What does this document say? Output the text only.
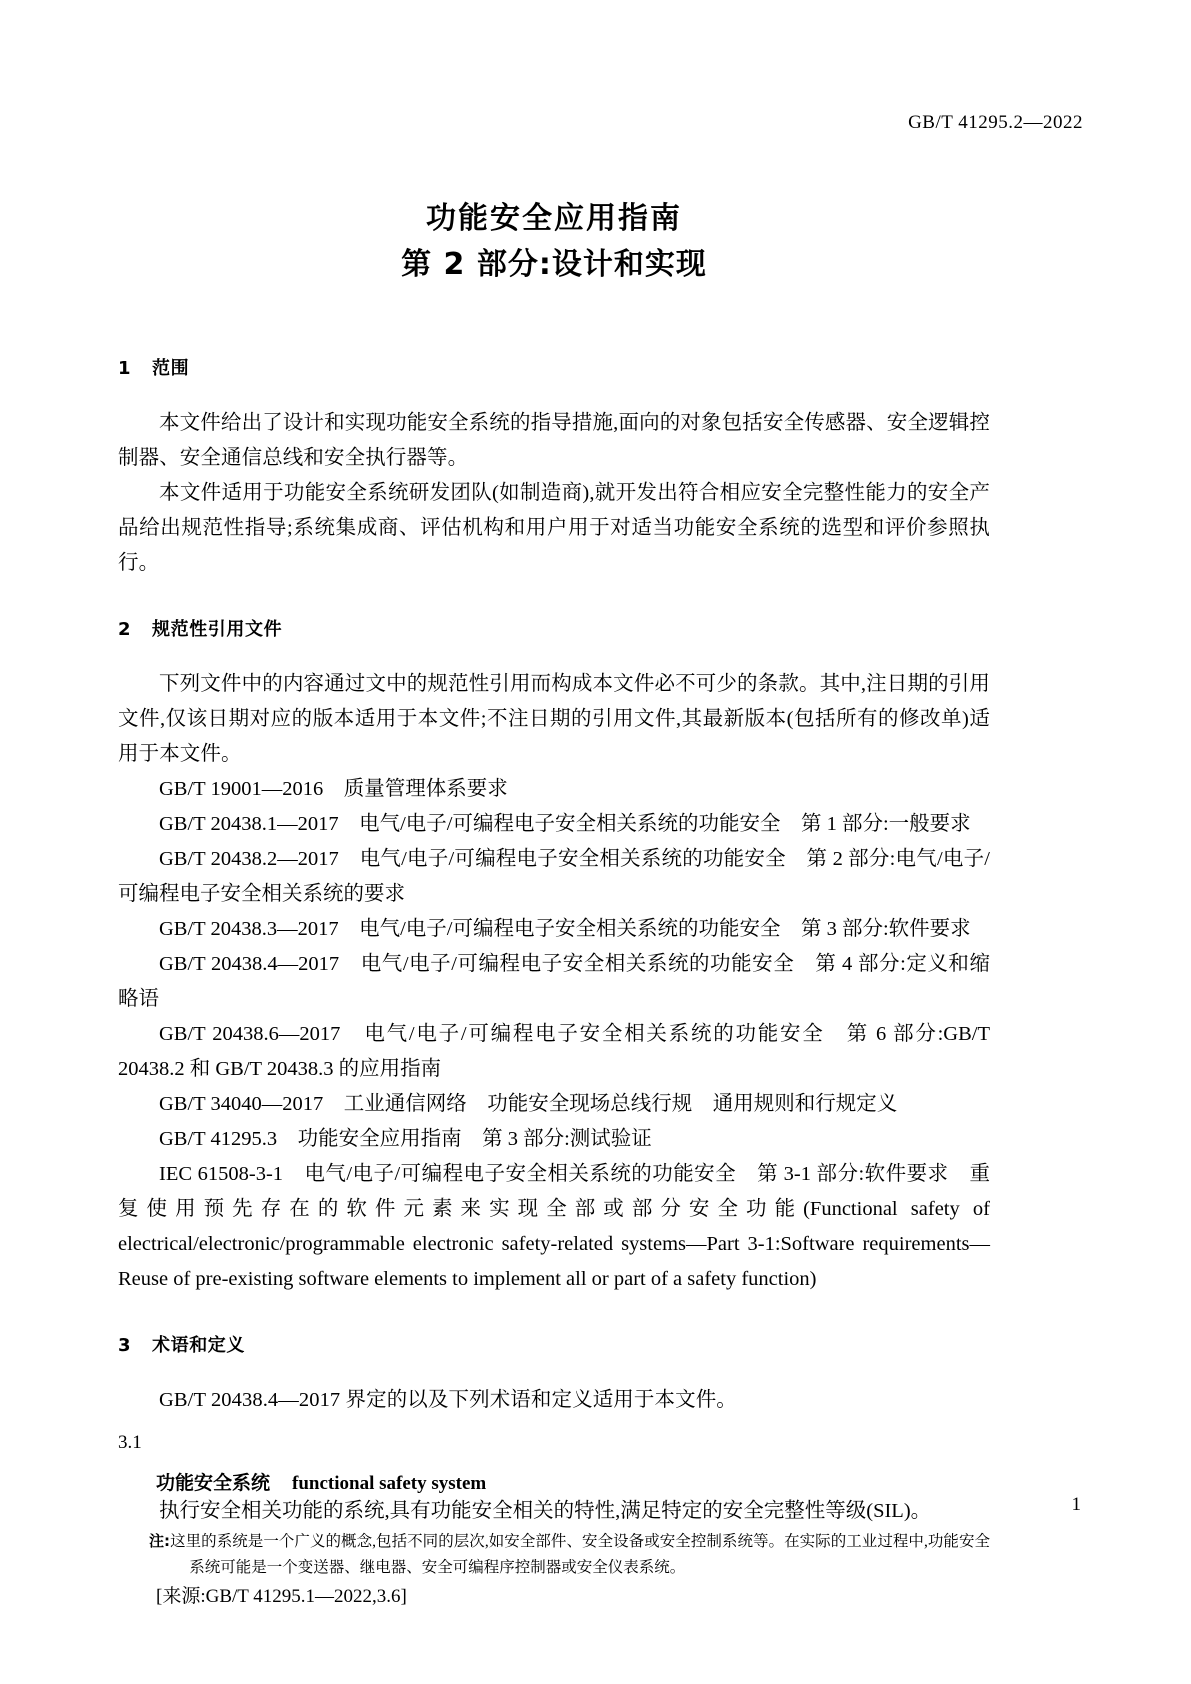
GB/T 41295.2—2022
功能安全应用指南
第 2 部分:设计和实现

1 范围

本文件给出了设计和实现功能安全系统的指导措施,面向的对象包括安全传感器、安全逻辑控制器、安全通信总线和安全执行器等。

本文件适用于功能安全系统研发团队(如制造商),就开发出符合相应安全完整性能力的安全产品给出规范性指导;系统集成商、评估机构和用户用于对适当功能安全系统的选型和评价参照执行。

2 规范性引用文件

下列文件中的内容通过文中的规范性引用而构成本文件必不可少的条款。其中,注日期的引用文件,仅该日期对应的版本适用于本文件;不注日期的引用文件,其最新版本(包括所有的修改单)适用于本文件。

GB/T 19001—2016　质量管理体系要求

GB/T 20438.1—2017　电气/电子/可编程电子安全相关系统的功能安全　第 1 部分:一般要求

GB/T 20438.2—2017　电气/电子/可编程电子安全相关系统的功能安全　第 2 部分:电气/电子/可编程电子安全相关系统的要求

GB/T 20438.3—2017　电气/电子/可编程电子安全相关系统的功能安全　第 3 部分:软件要求

GB/T 20438.4—2017　电气/电子/可编程电子安全相关系统的功能安全　第 4 部分:定义和缩略语

GB/T 20438.6—2017　电气/电子/可编程电子安全相关系统的功能安全　第 6 部分:GB/T 20438.2 和 GB/T 20438.3 的应用指南

GB/T 34040—2017　工业通信网络　功能安全现场总线行规　通用规则和行规定义

GB/T 41295.3　功能安全应用指南　第 3 部分:测试验证

IEC 61508-3-1　电气/电子/可编程电子安全相关系统的功能安全　第 3-1 部分:软件要求　重复使用预先存在的软件元素来实现全部或部分安全功能(Functional safety of electrical/electronic/programmable electronic safety-related systems—Part 3-1:Software requirements—Reuse of pre-existing software elements to implement all or part of a safety function)

3 术语和定义

GB/T 20438.4—2017 界定的以及下列术语和定义适用于本文件。

3.1

功能安全系统 functional safety system

执行安全相关功能的系统,具有功能安全相关的特性,满足特定的安全完整性等级(SIL)。

注:这里的系统是一个广义的概念,包括不同的层次,如安全部件、安全设备或安全控制系统等。在实际的工业过程中,功能安全系统可能是一个变送器、继电器、安全可编程序控制器或安全仪表系统。

[来源:GB/T 41295.1—2022,3.6]

1
